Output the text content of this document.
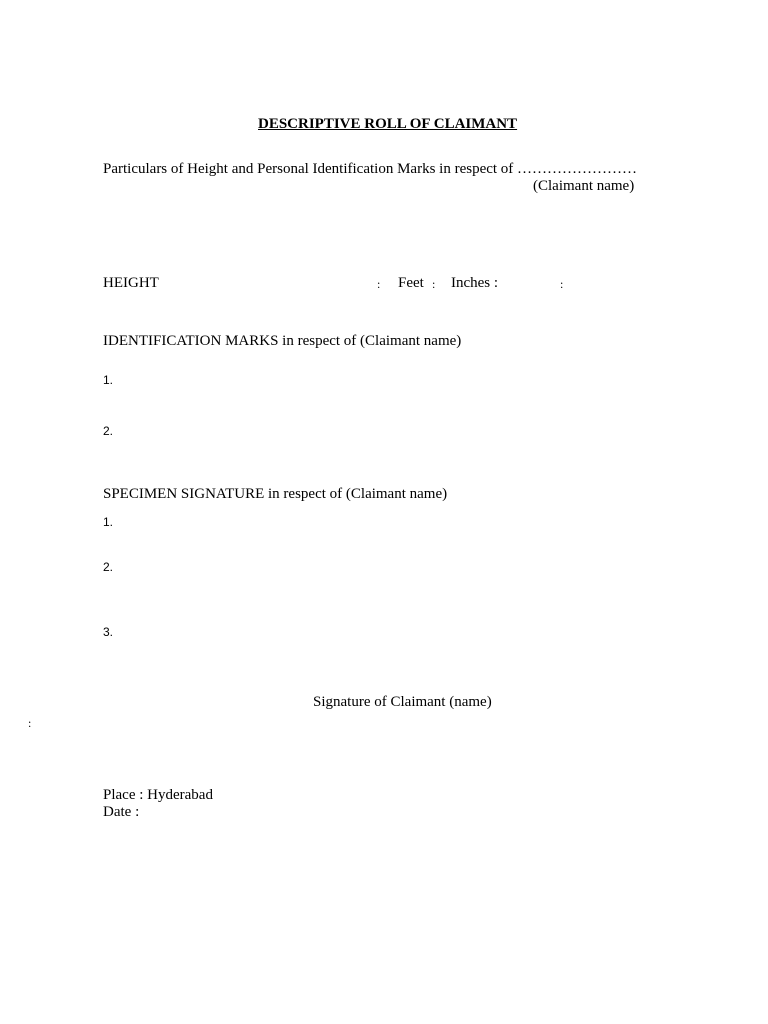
DESCRIPTIVE ROLL OF CLAIMANT
Particulars of Height and Personal Identification Marks in respect of ……………………
(Claimant name)
HEIGHT	: Feet : Inches :	:
IDENTIFICATION MARKS in respect of (Claimant name)
1.
2.
SPECIMEN SIGNATURE in respect of (Claimant name)
1.
2.
3.
Signature of Claimant (name)
:
Place : Hyderabad
Date :
